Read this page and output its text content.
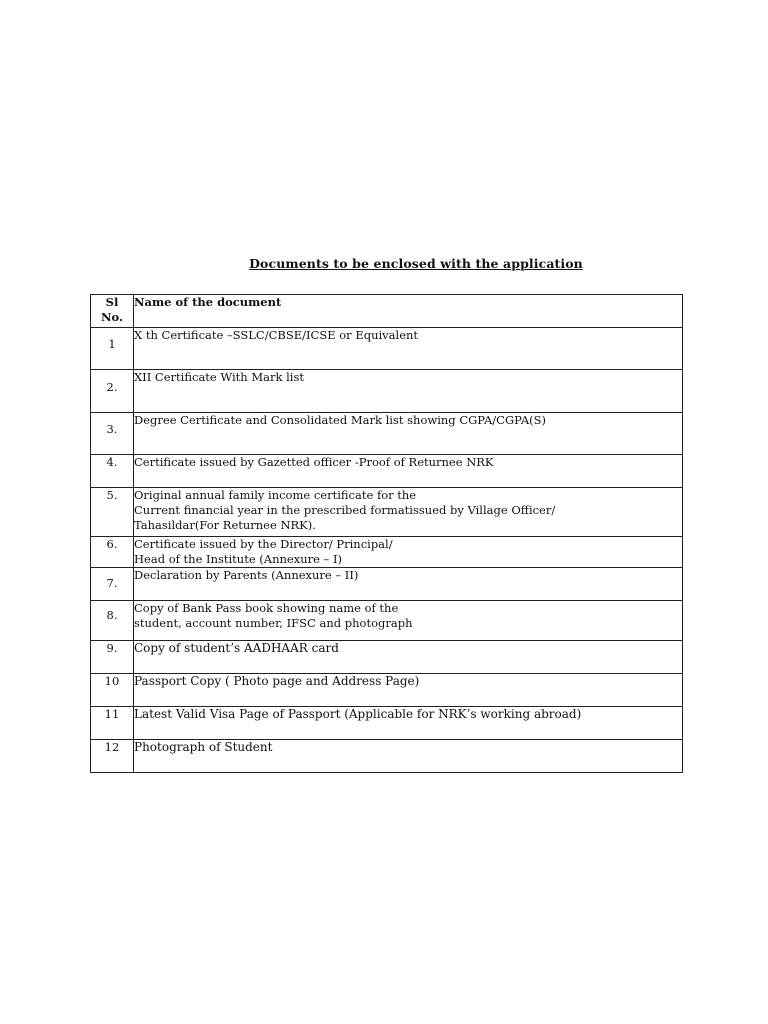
Documents to be enclosed with the application
Sl
No.	Name of the document
1	X th Certificate –SSLC/CBSE/ICSE or Equivalent

2.	XII Certificate With Mark list

3.	Degree Certificate and Consolidated Mark list showing CGPA/CGPA(S)

4.	Certificate issued by Gazetted officer -Proof of Returnee NRK

5.	Original annual family income certificate for the
Current financial year in the prescribed formatissued by Village Officer/
Tahasildar(For Returnee NRK).

6.	Certificate issued by the Director/ Principal/
Head of the Institute (Annexure – I)

7.	Declaration by Parents (Annexure – II)

8.	Copy of Bank Pass book showing name of the
student, account number, IFSC and photograph

9.	Copy of student’s AADHAAR card

10	Passport Copy ( Photo page and Address Page)

11	Latest Valid Visa Page of Passport (Applicable for NRK’s working abroad)

12	Photograph of Student
